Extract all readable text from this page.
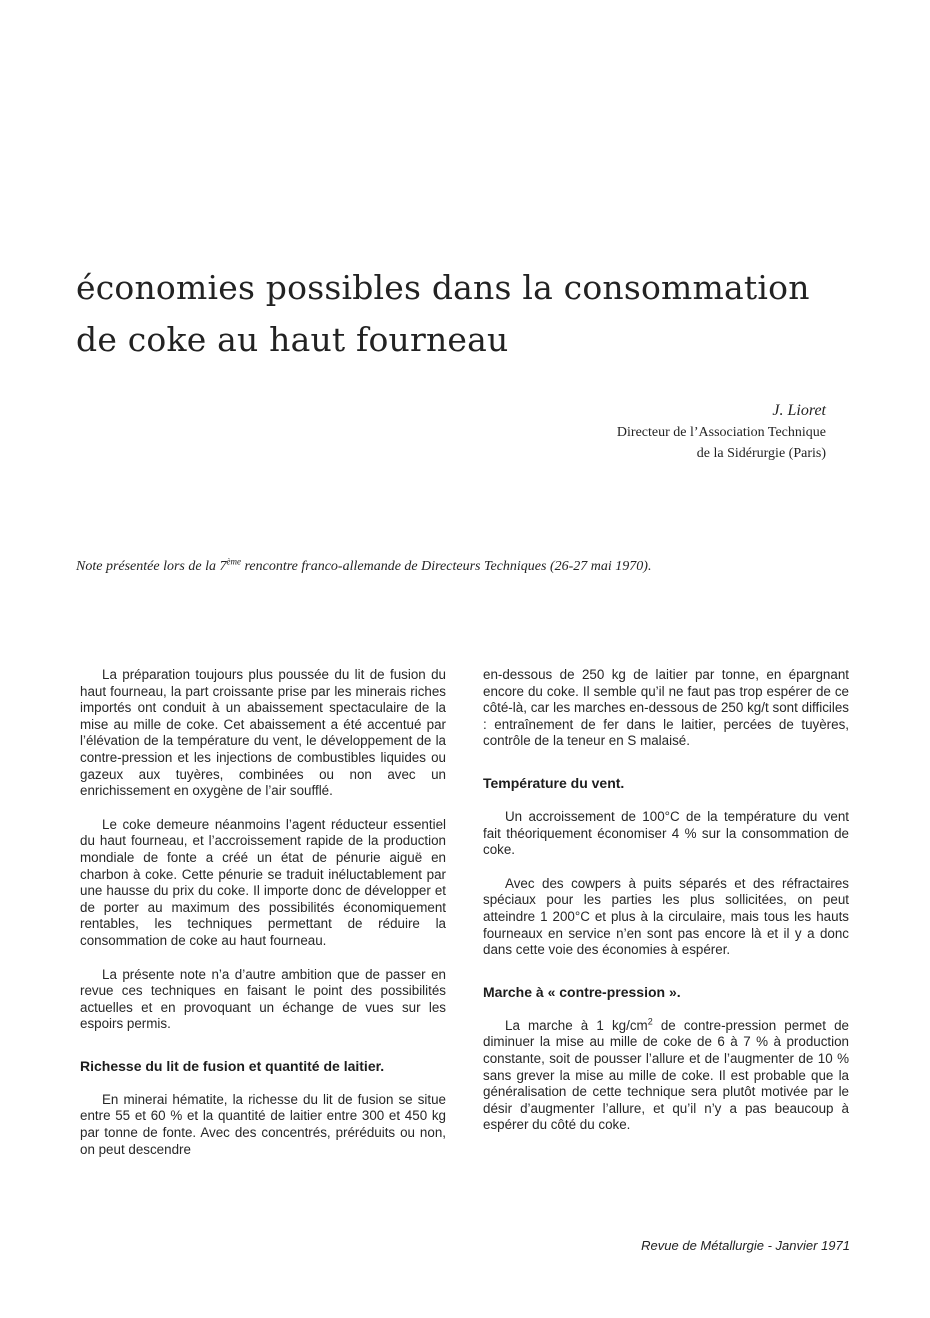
économies possibles dans la consommation
de coke au haut fourneau
J. Lioret
Directeur de l’Association Technique
de la Sidérurgie (Paris)
Note présentée lors de la 7ème rencontre franco-allemande de Directeurs Techniques (26-27 mai 1970).

La préparation toujours plus poussée du lit de fusion du haut fourneau, la part croissante prise par les minerais riches importés ont conduit à un abaissement spectaculaire de la mise au mille de coke. Cet abaissement a été accentué par l’élévation de la température du vent, le développement de la contre-pression et les injections de combustibles liquides ou gazeux aux tuyères, combinées ou non avec un enrichissement en oxygène de l’air soufflé.

Le coke demeure néanmoins l’agent réducteur essentiel du haut fourneau, et l’accroissement rapide de la production mondiale de fonte a créé un état de pénurie aiguë en charbon à coke. Cette pénurie se traduit inéluctablement par une hausse du prix du coke. Il importe donc de développer et de porter au maximum des possibilités économiquement rentables, les techniques permettant de réduire la consommation de coke au haut fourneau.

La présente note n’a d’autre ambition que de passer en revue ces techniques en faisant le point des possibilités actuelles et en provoquant un échange de vues sur les espoirs permis.

Richesse du lit de fusion et quantité de laitier.

En minerai hématite, la richesse du lit de fusion se situe entre 55 et 60 % et la quantité de laitier entre 300 et 450 kg par tonne de fonte. Avec des concentrés, préréduits ou non, on peut descendre

en-dessous de 250 kg de laitier par tonne, en épargnant encore du coke. Il semble qu’il ne faut pas trop espérer de ce côté-là, car les marches en-dessous de 250 kg/t sont difficiles : entraînement de fer dans le laitier, percées de tuyères, contrôle de la teneur en S malaisé.

Température du vent.

Un accroissement de 100°C de la température du vent fait théoriquement économiser 4 % sur la consommation de coke.

Avec des cowpers à puits séparés et des réfractaires spéciaux pour les parties les plus sollicitées, on peut atteindre 1 200°C et plus à la circulaire, mais tous les hauts fourneaux en service n’en sont pas encore là et il y a donc dans cette voie des économies à espérer.

Marche à « contre-pression ».

La marche à 1 $kg/cm^2$ de contre-pression permet de diminuer la mise au mille de coke de 6 à 7 % à production constante, soit de pousser l’allure et de l’augmenter de 10 % sans grever la mise au mille de coke. Il est probable que la généralisation de cette technique sera plutôt motivée par le désir d’augmenter l’allure, et qu’il n’y a pas beaucoup à espérer du côté du coke.

Revue de Métallurgie - Janvier 1971
